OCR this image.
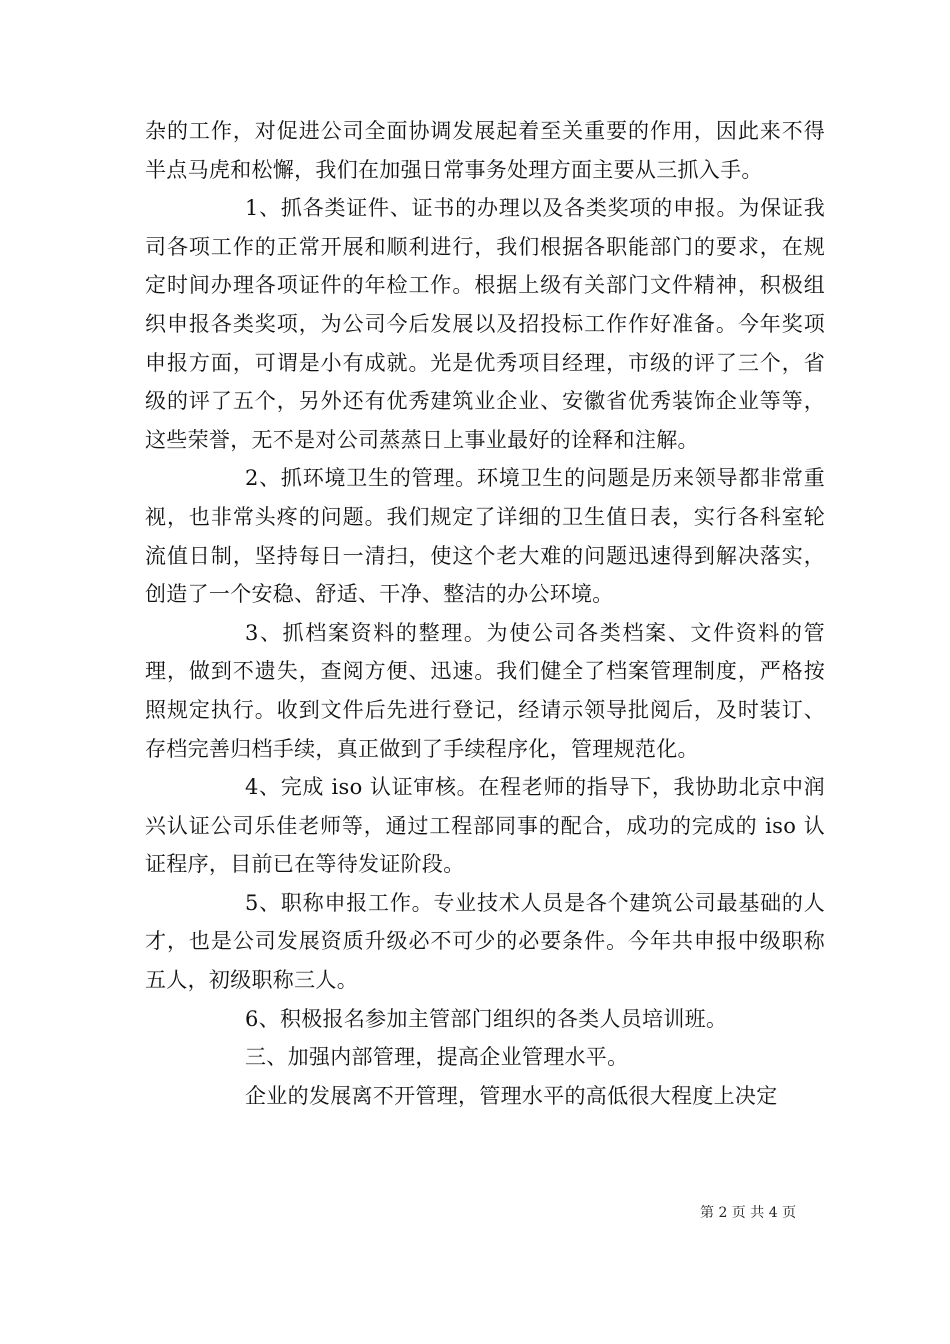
杂的工作，对促进公司全面协调发展起着至关重要的作用，因此来不得半点马虎和松懈，我们在加强日常事务处理方面主要从三抓入手。

1、抓各类证件、证书的办理以及各类奖项的申报。为保证我司各项工作的正常开展和顺利进行，我们根据各职能部门的要求，在规定时间办理各项证件的年检工作。根据上级有关部门文件精神，积极组织申报各类奖项，为公司今后发展以及招投标工作作好准备。今年奖项申报方面，可谓是小有成就。光是优秀项目经理，市级的评了三个，省级的评了五个，另外还有优秀建筑业企业、安徽省优秀装饰企业等等，这些荣誉，无不是对公司蒸蒸日上事业最好的诠释和注解。

2、抓环境卫生的管理。环境卫生的问题是历来领导都非常重视，也非常头疼的问题。我们规定了详细的卫生值日表，实行各科室轮流值日制，坚持每日一清扫，使这个老大难的问题迅速得到解决落实，创造了一个安稳、舒适、干净、整洁的办公环境。

3、抓档案资料的整理。为使公司各类档案、文件资料的管理，做到不遗失，查阅方便、迅速。我们健全了档案管理制度，严格按照规定执行。收到文件后先进行登记，经请示领导批阅后，及时装订、存档完善归档手续，真正做到了手续程序化，管理规范化。

4、完成 iso 认证审核。在程老师的指导下，我协助北京中润兴认证公司乐佳老师等，通过工程部同事的配合，成功的完成的 iso 认证程序，目前已在等待发证阶段。

5、职称申报工作。专业技术人员是各个建筑公司最基础的人才，也是公司发展资质升级必不可少的必要条件。今年共申报中级职称五人，初级职称三人。

6、积极报名参加主管部门组织的各类人员培训班。

三、加强内部管理，提高企业管理水平。

企业的发展离不开管理，管理水平的高低很大程度上决定

第 2 页 共 4 页
